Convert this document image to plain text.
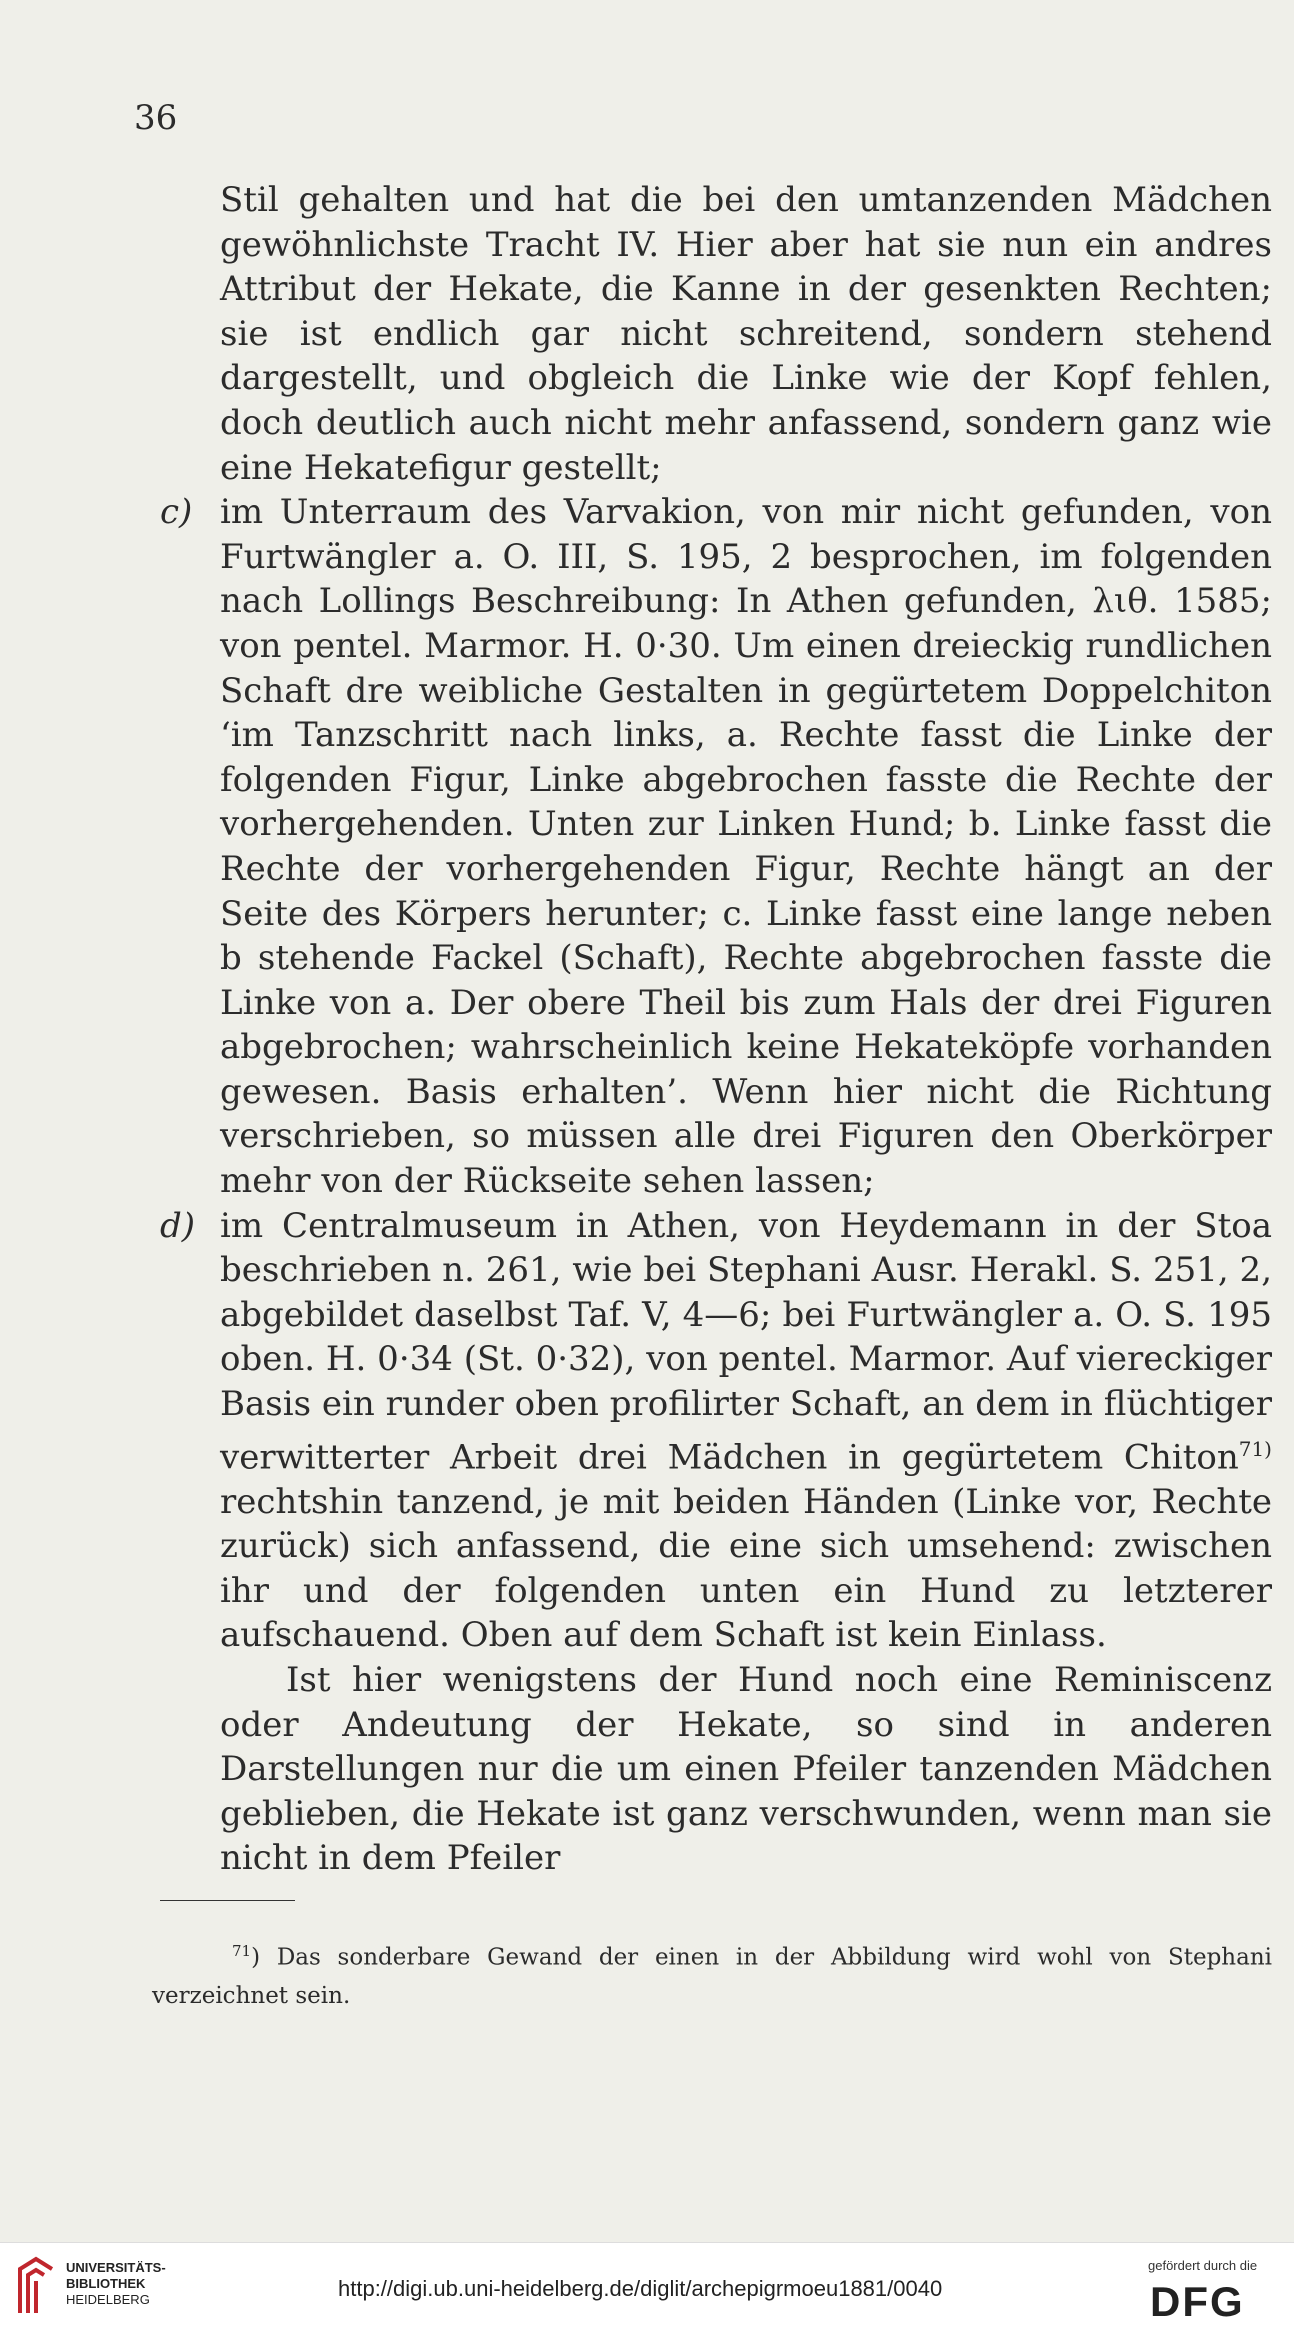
36

Stil gehalten und hat die bei den umtanzenden Mädchen gewöhnlichste Tracht IV. Hier aber hat sie nun ein andres Attribut der Hekate, die Kanne in der gesenkten Rechten; sie ist endlich gar nicht schreitend, sondern stehend dargestellt, und obgleich die Linke wie der Kopf fehlen, doch deutlich auch nicht mehr anfassend, sondern ganz wie eine Hekatefigur gestellt;

c) im Unterraum des Varvakion, von mir nicht gefunden, von Furtwängler a. O. III, S. 195, 2 besprochen, im folgenden nach Lollings Beschreibung: In Athen gefunden, λιθ. 1585; von pentel. Marmor. H. 0·30. Um einen dreieckig rundlichen Schaft dre weibliche Gestalten in gegürtetem Doppelchiton ‘im Tanzschritt nach links, a. Rechte fasst die Linke der folgenden Figur, Linke abgebrochen fasste die Rechte der vorhergehenden. Unten zur Linken Hund; b. Linke fasst die Rechte der vorhergehenden Figur, Rechte hängt an der Seite des Körpers herunter; c. Linke fasst eine lange neben b stehende Fackel (Schaft), Rechte abgebrochen fasste die Linke von a. Der obere Theil bis zum Hals der drei Figuren abgebrochen; wahrscheinlich keine Hekateköpfe vorhanden gewesen. Basis erhalten’. Wenn hier nicht die Richtung verschrieben, so müssen alle drei Figuren den Oberkörper mehr von der Rückseite sehen lassen;

d) im Centralmuseum in Athen, von Heydemann in der Stoa beschrieben n. 261, wie bei Stephani Ausr. Herakl. S. 251, 2, abgebildet daselbst Taf. V, 4—6; bei Furtwängler a. O. S. 195 oben. H. 0·34 (St. 0·32), von pentel. Marmor. Auf viereckiger Basis ein runder oben profilirter Schaft, an dem in flüchtiger verwitterter Arbeit drei Mädchen in gegürtetem Chiton$^{71)}$ rechtshin tanzend, je mit beiden Händen (Linke vor, Rechte zurück) sich anfassend, die eine sich umsehend: zwischen ihr und der folgenden unten ein Hund zu letzterer aufschauend. Oben auf dem Schaft ist kein Einlass.

Ist hier wenigstens der Hund noch eine Reminiscenz oder Andeutung der Hekate, so sind in anderen Darstellungen nur die um einen Pfeiler tanzenden Mädchen geblieben, die Hekate ist ganz verschwunden, wenn man sie nicht in dem Pfeiler

$^{71}$) Das sonderbare Gewand der einen in der Abbildung wird wohl von Stephani verzeichnet sein.
UNIVERSITÄTS-
BIBLIOTHEK
HEIDELBERG	http://digi.ub.uni-heidelberg.de/diglit/archepigrmoeu1881/0040
gefördert durch die
DFG
